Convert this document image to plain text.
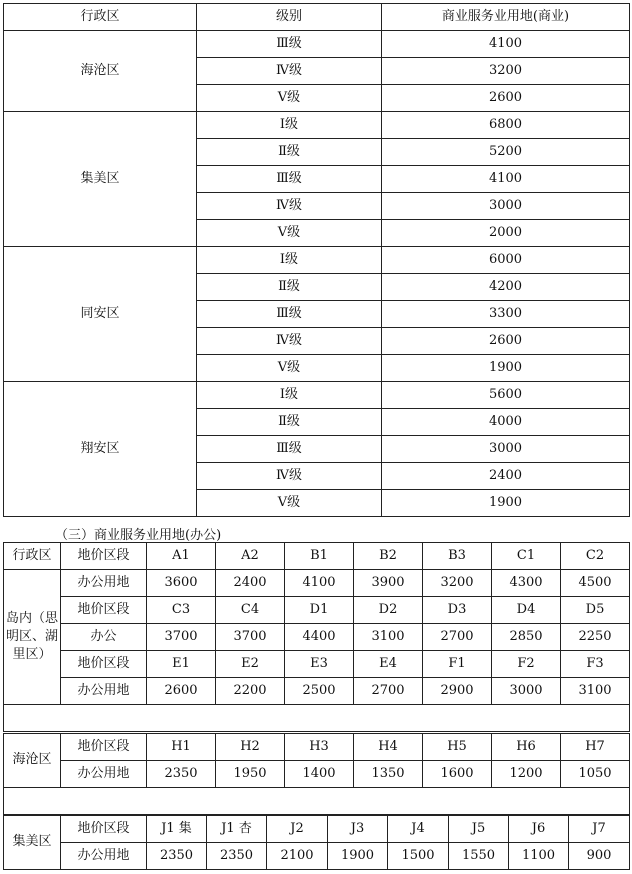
行政区	级别	商业服务业用地(商业)
海沧区	Ⅲ级	4100
	Ⅳ级	3200
	Ⅴ级	2600
集美区	Ⅰ级	6800
	Ⅱ级	5200
	Ⅲ级	4100
	Ⅳ级	3000
	Ⅴ级	2000
同安区	Ⅰ级	6000
	Ⅱ级	4200
	Ⅲ级	3300
	Ⅳ级	2600
	Ⅴ级	1900
翔安区	Ⅰ级	5600
	Ⅱ级	4000
	Ⅲ级	3000
	Ⅳ级	2400
	Ⅴ级	1900
（三）商业服务业用地(办公)
行政区	地价区段	A1	A2	B1	B2	B3	C1	C2
岛内（思明区、湖里区）	办公用地	3600	2400	4100	3900	3200	4300	4500
	地价区段	C3	C4	D1	D2	D3	D4	D5
	办公	3700	3700	4400	3100	2700	2850	2250
	地价区段	E1	E2	E3	E4	F1	F2	F3
	办公用地	2600	2200	2500	2700	2900	3000	3100

海沧区	地价区段	H1	H2	H3	H4	H5	H6	H7
	办公用地	2350	1950	1400	1350	1600	1200	1050

集美区	地价区段	J1 集	J1 杏	J2	J3	J4	J5	J6	J7
	办公用地	2350	2350	2100	1900	1500	1550	1100	900
